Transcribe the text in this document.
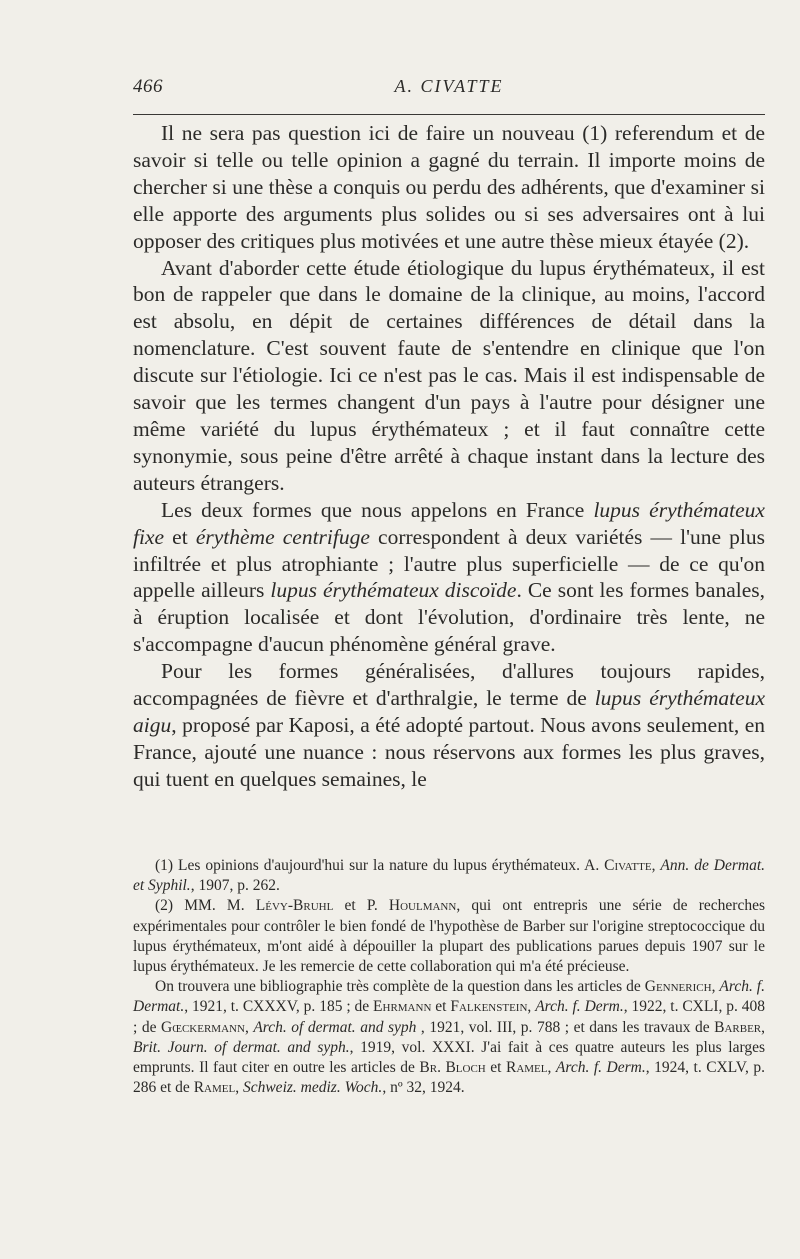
466	A. CIVATTE

Il ne sera pas question ici de faire un nouveau (1) referendum et de savoir si telle ou telle opinion a gagné du terrain. Il importe moins de chercher si une thèse a conquis ou perdu des adhérents, que d'examiner si elle apporte des arguments plus solides ou si ses adversaires ont à lui opposer des critiques plus motivées et une autre thèse mieux étayée (2).

Avant d'aborder cette étude étiologique du lupus érythémateux, il est bon de rappeler que dans le domaine de la clinique, au moins, l'accord est absolu, en dépit de certaines différences de détail dans la nomenclature. C'est souvent faute de s'entendre en clinique que l'on discute sur l'étiologie. Ici ce n'est pas le cas. Mais il est indispensable de savoir que les termes changent d'un pays à l'autre pour désigner une même variété du lupus érythémateux ; et il faut connaître cette synonymie, sous peine d'être arrêté à chaque instant dans la lecture des auteurs étrangers.

Les deux formes que nous appelons en France lupus érythémateux fixe et érythème centrifuge correspondent à deux variétés — l'une plus infiltrée et plus atrophiante ; l'autre plus superficielle — de ce qu'on appelle ailleurs lupus érythémateux discoïde. Ce sont les formes banales, à éruption localisée et dont l'évolution, d'ordinaire très lente, ne s'accompagne d'aucun phénomène général grave.

Pour les formes généralisées, d'allures toujours rapides, accompagnées de fièvre et d'arthralgie, le terme de lupus érythémateux aigu, proposé par Kaposi, a été adopté partout. Nous avons seulement, en France, ajouté une nuance : nous réservons aux formes les plus graves, qui tuent en quelques semaines, le

(1) Les opinions d'aujourd'hui sur la nature du lupus érythémateux. A. Civatte, Ann. de Dermat. et Syphil., 1907, p. 262.

(2) MM. M. Lévy-Bruhl et P. Houlmann, qui ont entrepris une série de recherches expérimentales pour contrôler le bien fondé de l'hypothèse de Barber sur l'origine streptococcique du lupus érythémateux, m'ont aidé à dépouiller la plupart des publications parues depuis 1907 sur le lupus érythémateux. Je les remercie de cette collaboration qui m'a été précieuse.

On trouvera une bibliographie très complète de la question dans les articles de Gennerich, Arch. f. Dermat., 1921, t. CXXXV, p. 185 ; de Ehrmann et Falkenstein, Arch. f. Derm., 1922, t. CXLI, p. 408 ; de Gœckermann, Arch. of dermat. and syph , 1921, vol. III, p. 788 ; et dans les travaux de Barber, Brit. Journ. of dermat. and syph., 1919, vol. XXXI. J'ai fait à ces quatre auteurs les plus larges emprunts. Il faut citer en outre les articles de Br. Bloch et Ramel, Arch. f. Derm., 1924, t. CXLV, p. 286 et de Ramel, Schweiz. mediz. Woch., nº 32, 1924.
